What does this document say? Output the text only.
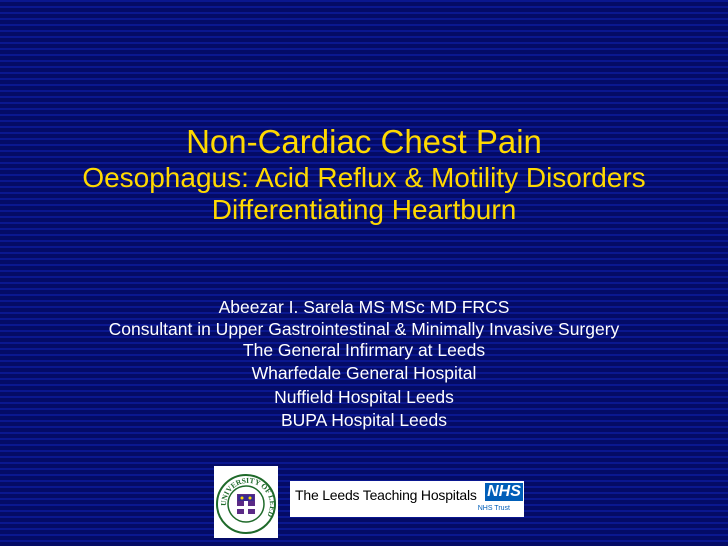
Non-Cardiac Chest Pain
Oesophagus: Acid Reflux & Motility Disorders
Differentiating Heartburn
Abeezar I. Sarela MS MSc MD FRCS
Consultant in Upper Gastrointestinal & Minimally Invasive Surgery
The General Infirmary at Leeds
Wharfedale General Hospital
Nuffield Hospital Leeds
BUPA Hospital Leeds
UNIVERSITY OF LEED
The Leeds Teaching Hospitals NHS
NHS Trust
